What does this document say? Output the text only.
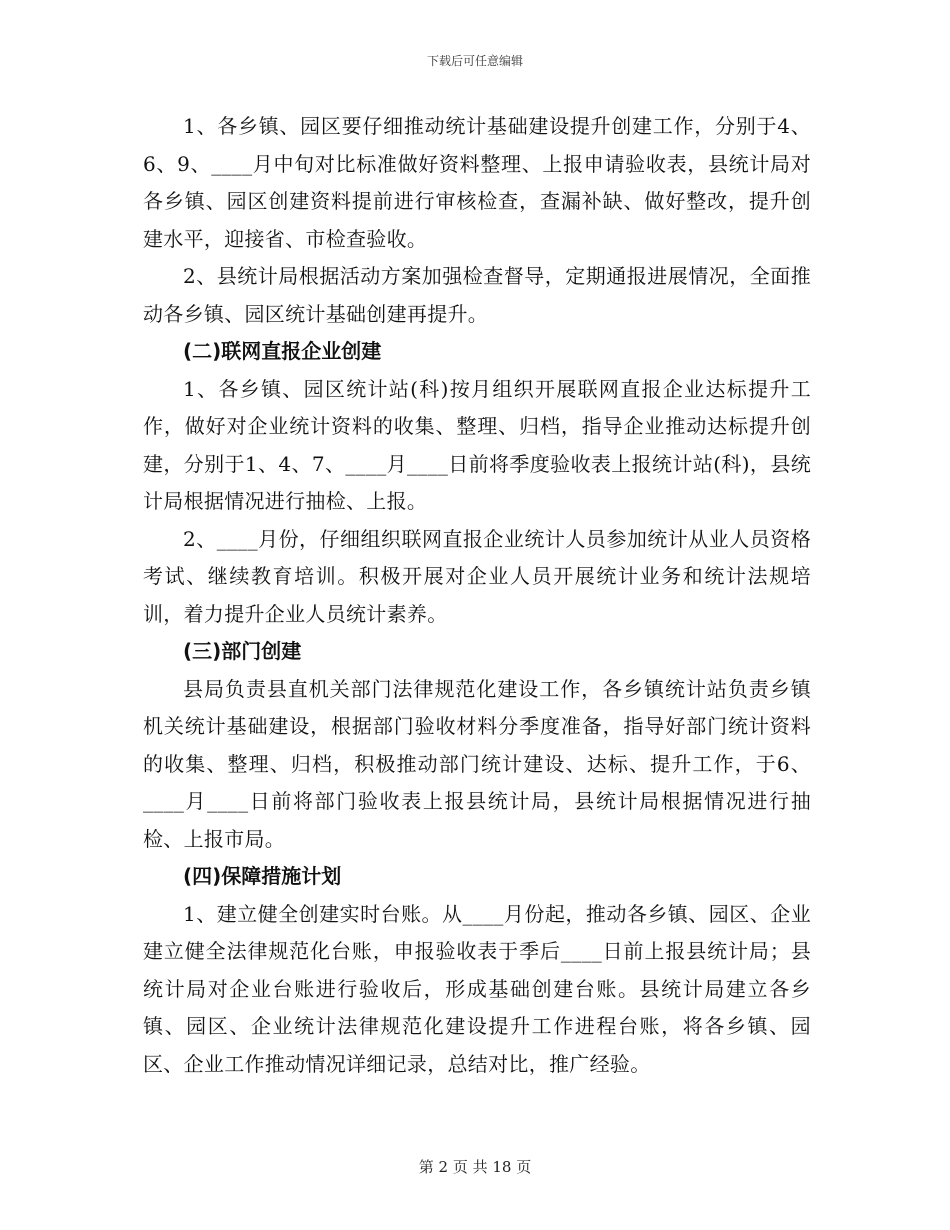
下载后可任意编辑

1、各乡镇、园区要仔细推动统计基础建设提升创建工作，分别于4、6、9、____月中旬对比标准做好资料整理、上报申请验收表，县统计局对各乡镇、园区创建资料提前进行审核检查，查漏补缺、做好整改，提升创建水平，迎接省、市检查验收。

2、县统计局根据活动方案加强检查督导，定期通报进展情况，全面推动各乡镇、园区统计基础创建再提升。

(二)联网直报企业创建

1、各乡镇、园区统计站(科)按月组织开展联网直报企业达标提升工作，做好对企业统计资料的收集、整理、归档，指导企业推动达标提升创建，分别于1、4、7、____月____日前将季度验收表上报统计站(科)，县统计局根据情况进行抽检、上报。

2、____月份，仔细组织联网直报企业统计人员参加统计从业人员资格考试、继续教育培训。积极开展对企业人员开展统计业务和统计法规培训，着力提升企业人员统计素养。

(三)部门创建

县局负责县直机关部门法律规范化建设工作，各乡镇统计站负责乡镇机关统计基础建设，根据部门验收材料分季度准备，指导好部门统计资料的收集、整理、归档，积极推动部门统计建设、达标、提升工作，于6、____月____日前将部门验收表上报县统计局，县统计局根据情况进行抽检、上报市局。

(四)保障措施计划

1、建立健全创建实时台账。从____月份起，推动各乡镇、园区、企业建立健全法律规范化台账，申报验收表于季后____日前上报县统计局；县统计局对企业台账进行验收后，形成基础创建台账。县统计局建立各乡镇、园区、企业统计法律规范化建设提升工作进程台账，将各乡镇、园区、企业工作推动情况详细记录，总结对比，推广经验。

第 2 页 共 18 页
